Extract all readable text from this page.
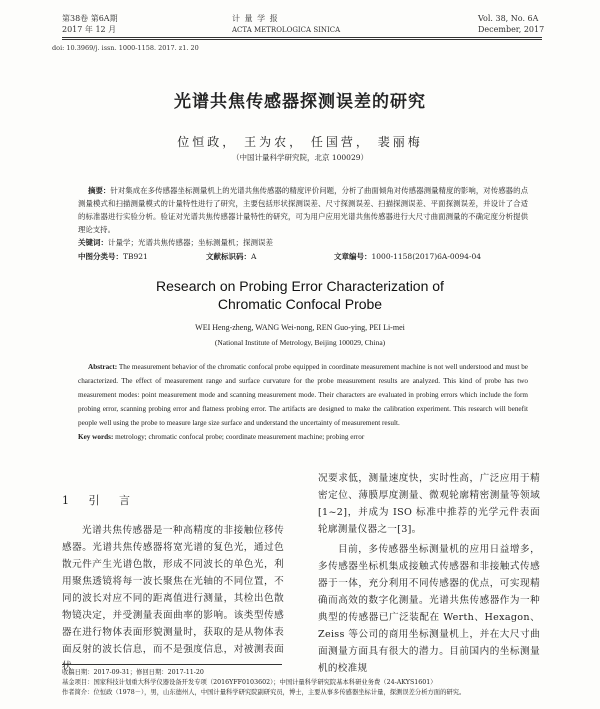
第38卷 第6A期
2017 年 12 月
计 量 学 报
ACTA METROLOGICA SINICA
Vol. 38, No. 6A
December, 2017
doi: 10.3969/j. issn. 1000-1158. 2017. z1. 20
光谱共焦传感器探测误差的研究
位恒政， 王为农， 任国营， 裴丽梅
（中国计量科学研究院，北京 100029）
摘要：针对集成在多传感器坐标测量机上的光谱共焦传感器的精度评价问题，分析了曲面倾角对传感器测量精度的影响，对传感器的点测量模式和扫描测量模式的计量特性进行了研究，主要包括形状探测误差、尺寸探测误差、扫描探测误差、平面探测误差，并设计了合适的标准器进行实验分析。验证对光谱共焦传感器计量特性的研究，可为用户应用光谱共焦传感器进行大尺寸曲面测量的不确定度分析提供理论支持。
关键词：计量学；光谱共焦传感器；坐标测量机；探测误差
中图分类号：TB921	文献标识码：A	文章编号：1000-1158(2017)6A-0094-04
Research on Probing Error Characterization of
Chromatic Confocal Probe
WEI Heng-zheng, WANG Wei-nong, REN Guo-ying, PEI Li-mei
(National Institute of Metrology, Beijing 100029, China)
Abstract: The measurement behavior of the chromatic confocal probe equipped in coordinate measurement machine is not well understood and must be characterized. The effect of measurement range and surface curvature for the probe measurement results are analyzed. This kind of probe has two measurement modes: point measurement mode and scanning measurement mode. Their characters are evaluated in probing errors which include the form probing error, scanning probing error and flatness probing error. The artifacts are designed to make the calibration experiment. This research will benefit people well using the probe to measure large size surface and understand the uncertainty of measurement result.
Key words: metrology; chromatic confocal probe; coordinate measurement machine; probing error
1 引 言
光谱共焦传感器是一种高精度的非接触位移传感器。光谱共焦传感器将宽光谱的复色光，通过色散元件产生光谱色散，形成不同波长的单色光，利用聚焦透镜将每一波长聚焦在光轴的不同位置，不同的波长对应不同的距离值进行测量，其检出色散物镜决定，并受测量表面曲率的影响。该类型传感器在进行物体表面形貌测量时，获取的是从物体表面反射的波长信息，而不是强度信息，对被测表面状
况要求低，测量速度快，实时性高，广泛应用于精密定位、薄膜厚度测量、微观轮廓精密测量等领域[1~2]，并成为 ISO 标准中推荐的光学元件表面轮廓测量仪器之一[3]。
目前，多传感器坐标测量机的应用日益增多，多传感器坐标机集成接触式传感器和非接触式传感器于一体，充分利用不同传感器的优点，可实现精确而高效的数字化测量。光谱共焦传感器作为一种典型的传感器已广泛装配在 Werth、Hexagon、Zeiss 等公司的商用坐标测量机上，并在大尺寸曲面测量方面具有很大的潜力。目前国内的坐标测量机的校准规
收稿日期：2017-09-31；修回日期：2017-11-20
基金项目：国家科技计划重大科学仪器设备开发专项（2016YFF0103602）；中国计量科学研究院基本科研业务费（24-AKYS1601）
作者简介：位恒政（1978－），男，山东德州人，中国计量科学研究院副研究员，博士，主要从事多传感器坐标计量，探测误差分析方面的研究。
